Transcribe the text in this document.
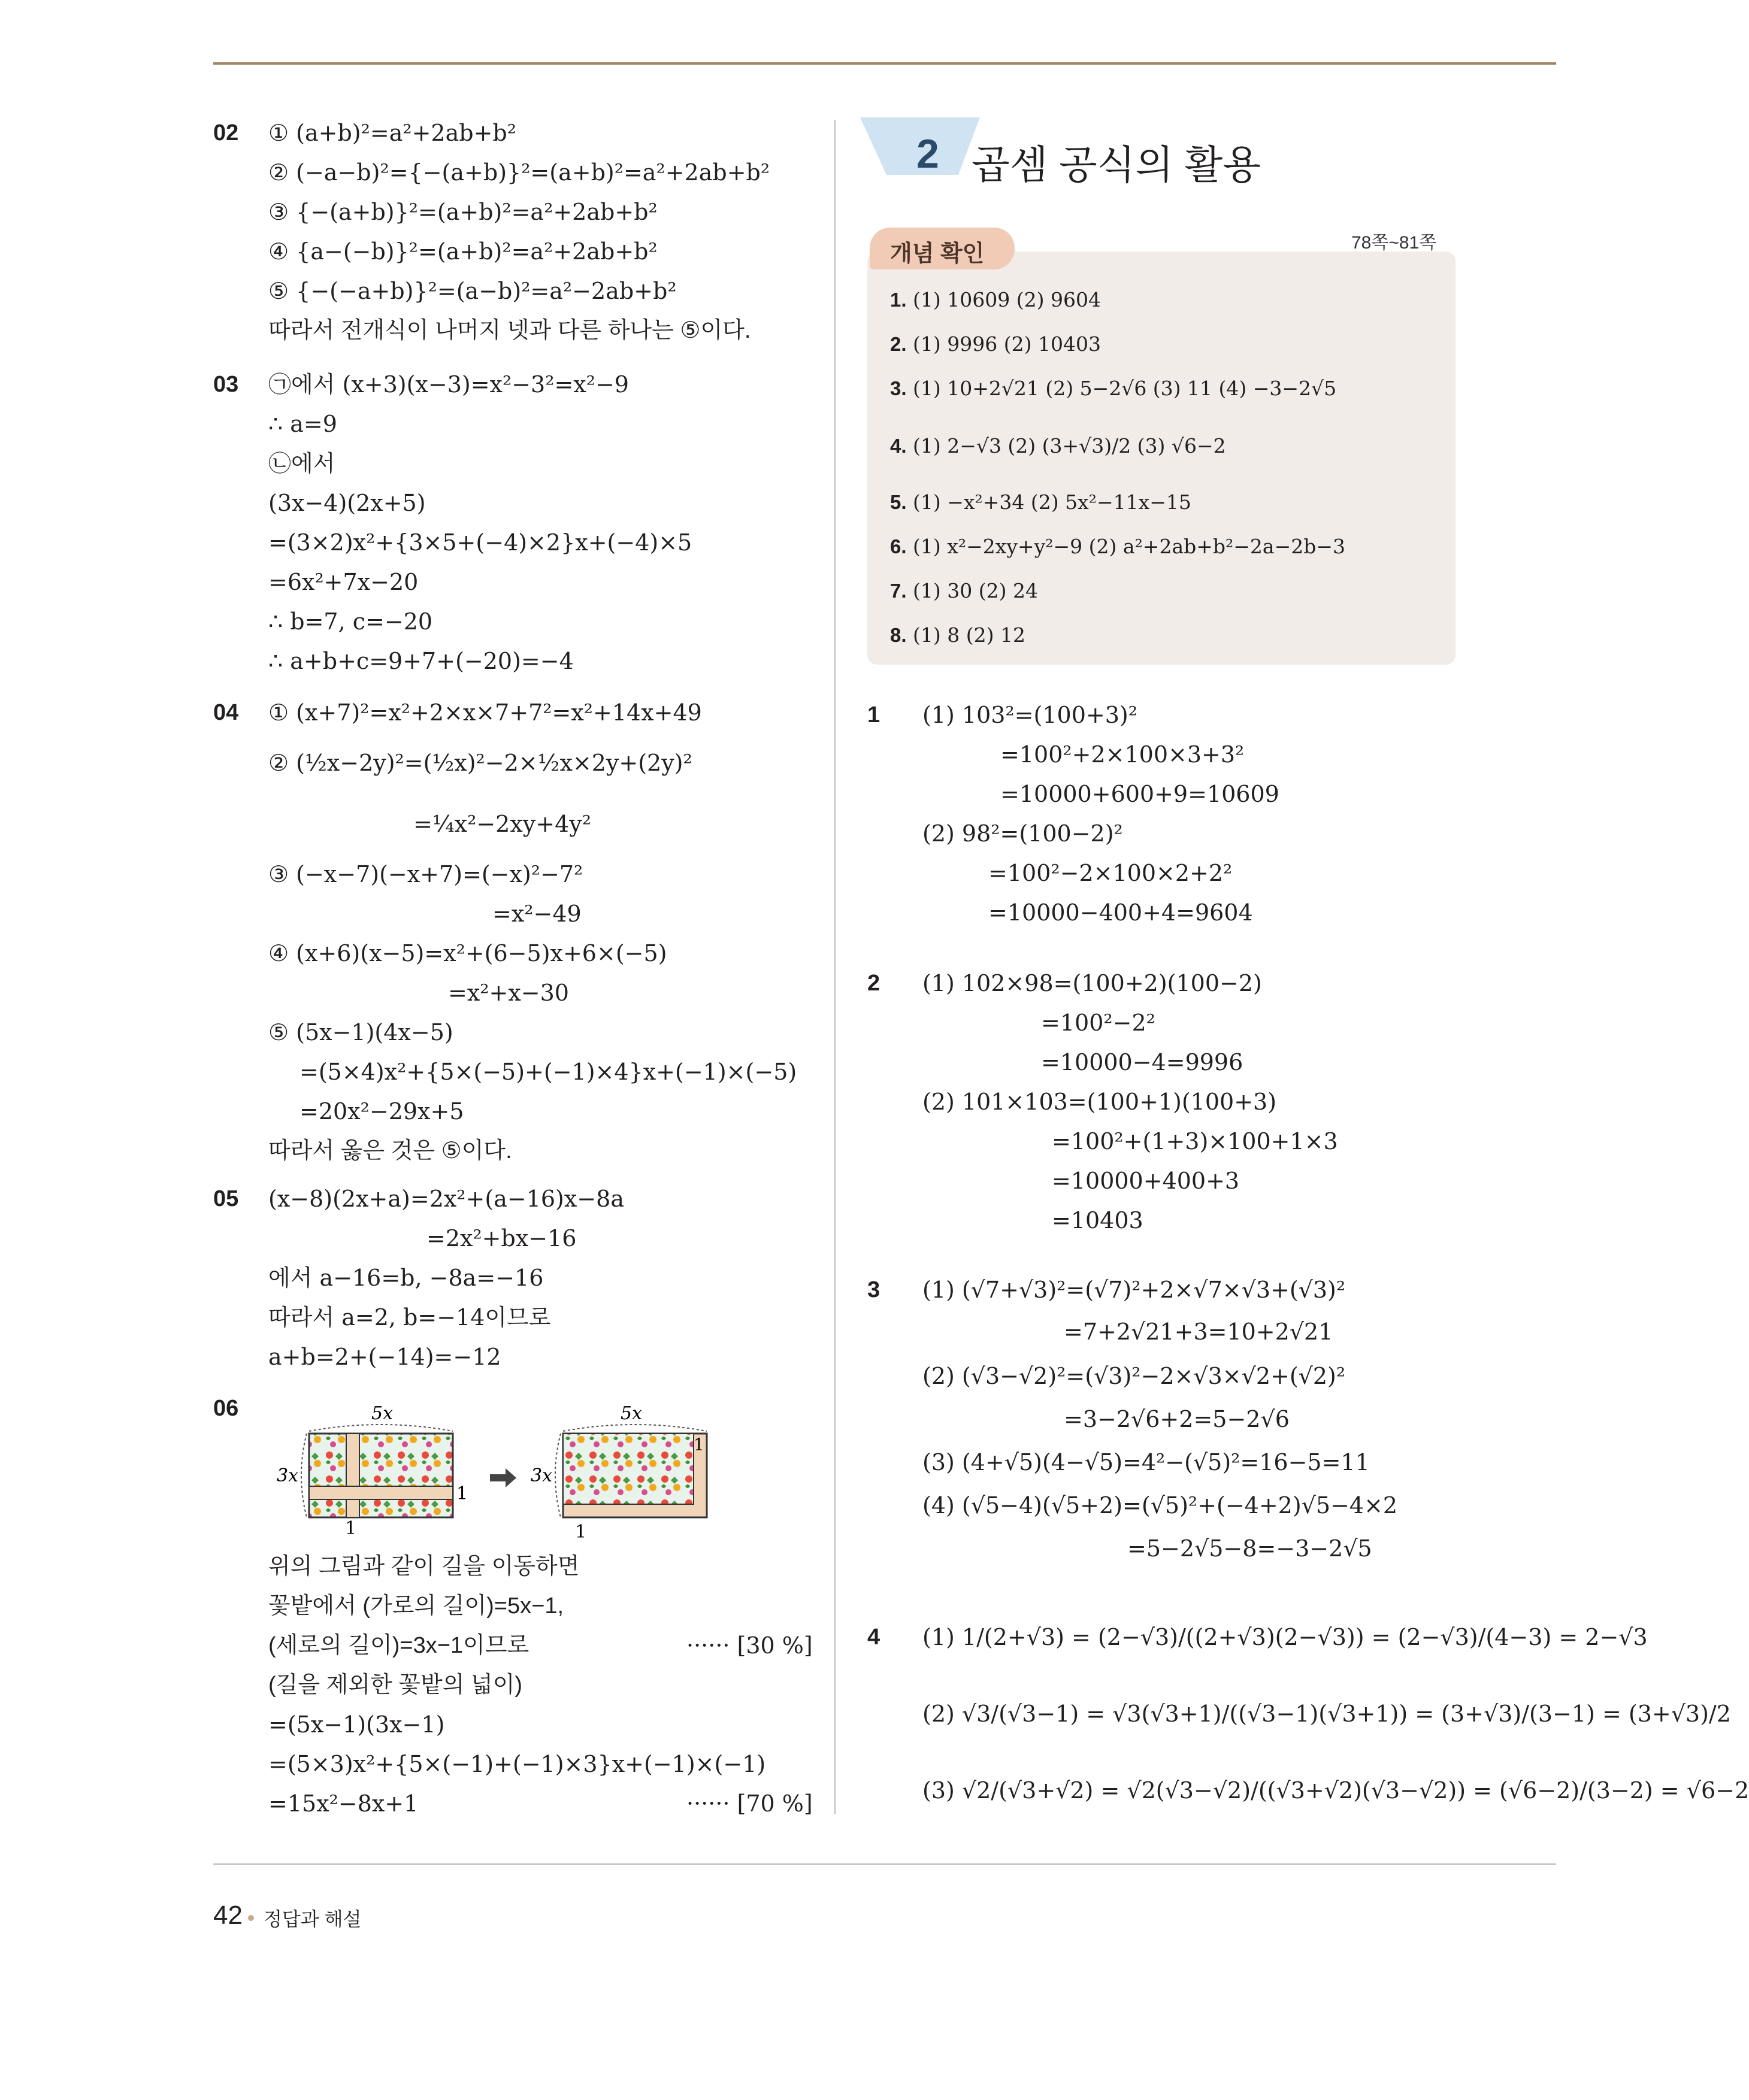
02 ① (a+b)²=a²+2ab+b²
② (−a−b)²={−(a+b)}²=(a+b)²=a²+2ab+b²
③ {−(a+b)}²=(a+b)²=a²+2ab+b²
④ {a−(−b)}²=(a+b)²=a²+2ab+b²
⑤ {−(−a+b)}²=(a−b)²=a²−2ab+b²
따라서 전개식이 나머지 넷과 다른 하나는 ⑤이다.
03 ㉠에서 (x+3)(x−3)=x²−3²=x²−9
∴ a=9
㉡에서
(3x−4)(2x+5)
=(3×2)x²+{3×5+(−4)×2}x+(−4)×5
=6x²+7x−20
∴ b=7, c=−20
∴ a+b+c=9+7+(−20)=−4
04 ① (x+7)²=x²+2×x×7+7²=x²+14x+49
② (½x−2y)²=(½x)²−2×½x×2y+(2y)²
=¼x²−2xy+4y²
③ (−x−7)(−x+7)=(−x)²−7²
=x²−49
④ (x+6)(x−5)=x²+(6−5)x+6×(−5)
=x²+x−30
⑤ (5x−1)(4x−5)
=(5×4)x²+{5×(−5)+(−1)×4}x+(−1)×(−5)
=20x²−29x+5
따라서 옳은 것은 ⑤이다.
05 (x−8)(2x+a)=2x²+(a−16)x−8a
=2x²+bx−16
에서 a−16=b, −8a=−16
따라서 a=2, b=−14이므로
a+b=2+(−14)=−12
06	5x
3x
1
1
5x
3x
1
1
위의 그림과 같이 길을 이동하면
꽃밭에서 (가로의 길이)=5x−1,
(세로의 길이)=3x−1이므로	······ [30 %]
(길을 제외한 꽃밭의 넓이)
=(5x−1)(3x−1)
=(5×3)x²+{5×(−1)+(−1)×3}x+(−1)×(−1)
=15x²−8x+1	······ [70 %]
2 곱셈 공식의 활용
개념 확인	78쪽~81쪽
1. (1) 10609 (2) 9604
2. (1) 9996 (2) 10403
3. (1) 10+2√21 (2) 5−2√6 (3) 11 (4) −3−2√5
4. (1) 2−√3 (2) (3+√3)/2 (3) √6−2
5. (1) −x²+34 (2) 5x²−11x−15
6. (1) x²−2xy+y²−9 (2) a²+2ab+b²−2a−2b−3
7. (1) 30 (2) 24
8. (1) 8 (2) 12
1 (1) 103²=(100+3)²
=100²+2×100×3+3²
=10000+600+9=10609
(2) 98²=(100−2)²
=100²−2×100×2+2²
=10000−400+4=9604
2 (1) 102×98=(100+2)(100−2)
=100²−2²
=10000−4=9996
(2) 101×103=(100+1)(100+3)
=100²+(1+3)×100+1×3
=10000+400+3
=10403
3 (1) (√7+√3)²=(√7)²+2×√7×√3+(√3)²
=7+2√21+3=10+2√21
(2) (√3−√2)²=(√3)²−2×√3×√2+(√2)²
=3−2√6+2=5−2√6
(3) (4+√5)(4−√5)=4²−(√5)²=16−5=11
(4) (√5−4)(√5+2)=(√5)²+(−4+2)√5−4×2
=5−2√5−8=−3−2√5
4 (1) 1/(2+√3) = (2−√3)/((2+√3)(2−√3)) = (2−√3)/(4−3) = 2−√3
(2) √3/(√3−1) = √3(√3+1)/((√3−1)(√3+1)) = (3+√3)/(3−1) = (3+√3)/2
(3) √2/(√3+√2) = √2(√3−√2)/((√3+√2)(√3−√2)) = (√6−2)/(3−2) = √6−2
42 정답과 해설
